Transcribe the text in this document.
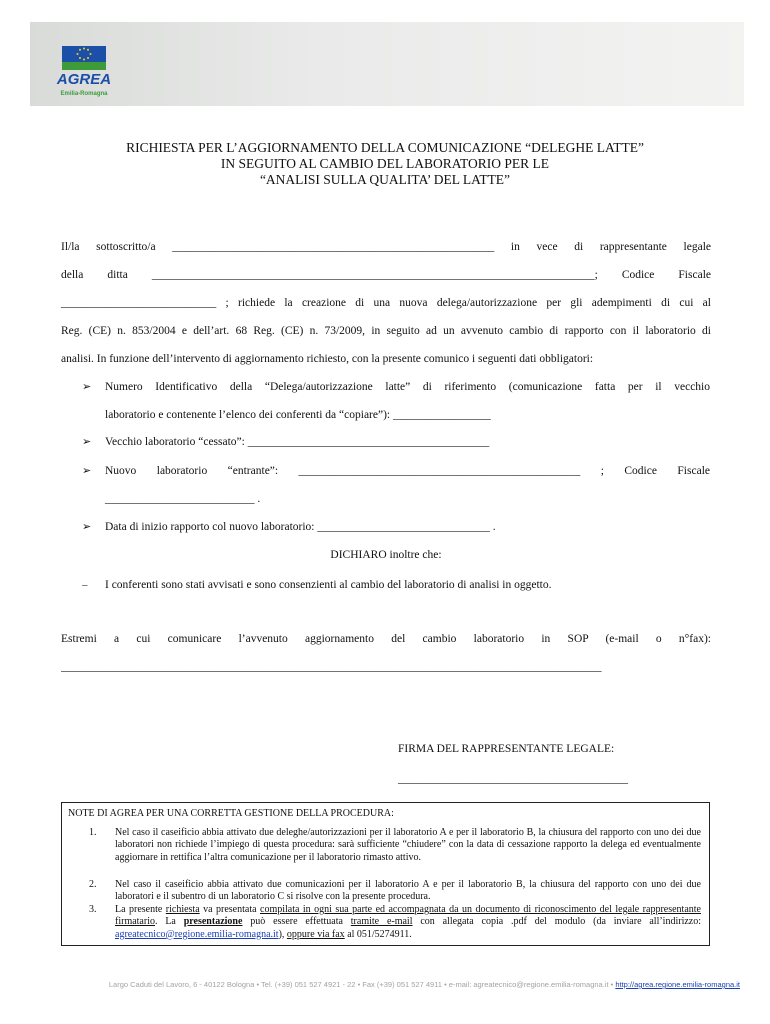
AGREA
Emilia-Romagna
RICHIESTA PER L’AGGIORNAMENTO DELLA COMUNICAZIONE “DELEGHE LATTE”
IN SEGUITO AL CAMBIO DEL LABORATORIO PER LE
“ANALISI SULLA QUALITA’ DEL LATTE”
Il/la sottoscritto/a ________________________________________________________ in vece di rappresentante legale
della ditta _____________________________________________________________________________; Codice Fiscale
___________________________ ; richiede la creazione di una nuova delega/autorizzazione per gli adempimenti di cui al
Reg. (CE) n. 853/2004 e dell’art. 68 Reg. (CE) n. 73/2009, in seguito ad un avvenuto cambio di rapporto con il laboratorio di
analisi. In funzione dell’intervento di aggiornamento richiesto, con la presente comunico i seguenti dati obbligatori:
➢ Numero Identificativo della “Delega/autorizzazione latte” di riferimento (comunicazione fatta per il vecchio
laboratorio e contenente l’elenco dei conferenti da “copiare”): _________________
➢ Vecchio laboratorio “cessato”: __________________________________________
➢ Nuovo laboratorio “entrante”: _________________________________________________ ; Codice Fiscale
__________________________ .
➢ Data di inizio rapporto col nuovo laboratorio: ______________________________ .
DICHIARO inoltre che:
– I conferenti sono stati avvisati e sono consenzienti al cambio del laboratorio di analisi in oggetto.
Estremi a cui comunicare l’avvenuto aggiornamento del cambio laboratorio in SOP (e-mail o n°fax):
______________________________________________________________________________________________
FIRMA DEL RAPPRESENTANTE LEGALE:
________________________________________
NOTE DI AGREA PER UNA CORRETTA GESTIONE DELLA PROCEDURA:
1. Nel caso il caseificio abbia attivato due deleghe/autorizzazioni per il laboratorio A e per il laboratorio B, la chiusura del rapporto con uno dei due laboratori non richiede l’impiego di questa procedura: sarà sufficiente “chiudere” con la data di cessazione rapporto la delega ed eventualmente aggiornare in rettifica l’altra comunicazione per il laboratorio rimasto attivo.
2. Nel caso il caseificio abbia attivato due comunicazioni per il laboratorio A e per il laboratorio B, la chiusura del rapporto con uno dei due laboratori e il subentro di un laboratorio C si risolve con la presente procedura.
3. La presente richiesta va presentata compilata in ogni sua parte ed accompagnata da un documento di riconoscimento del legale rappresentante firmatario. La presentazione può essere effettuata tramite e-mail con allegata copia .pdf del modulo (da inviare all’indirizzo: agreatecnico@regione.emilia-romagna.it), oppure via fax al 051/5274911.
Largo Caduti del Lavoro, 6 - 40122 Bologna • Tel. (+39) 051 527 4921 - 22 • Fax (+39) 051 527 4911 • e-mail: agreatecnico@regione.emilia-romagna.it • http://agrea.regione.emilia-romagna.it
